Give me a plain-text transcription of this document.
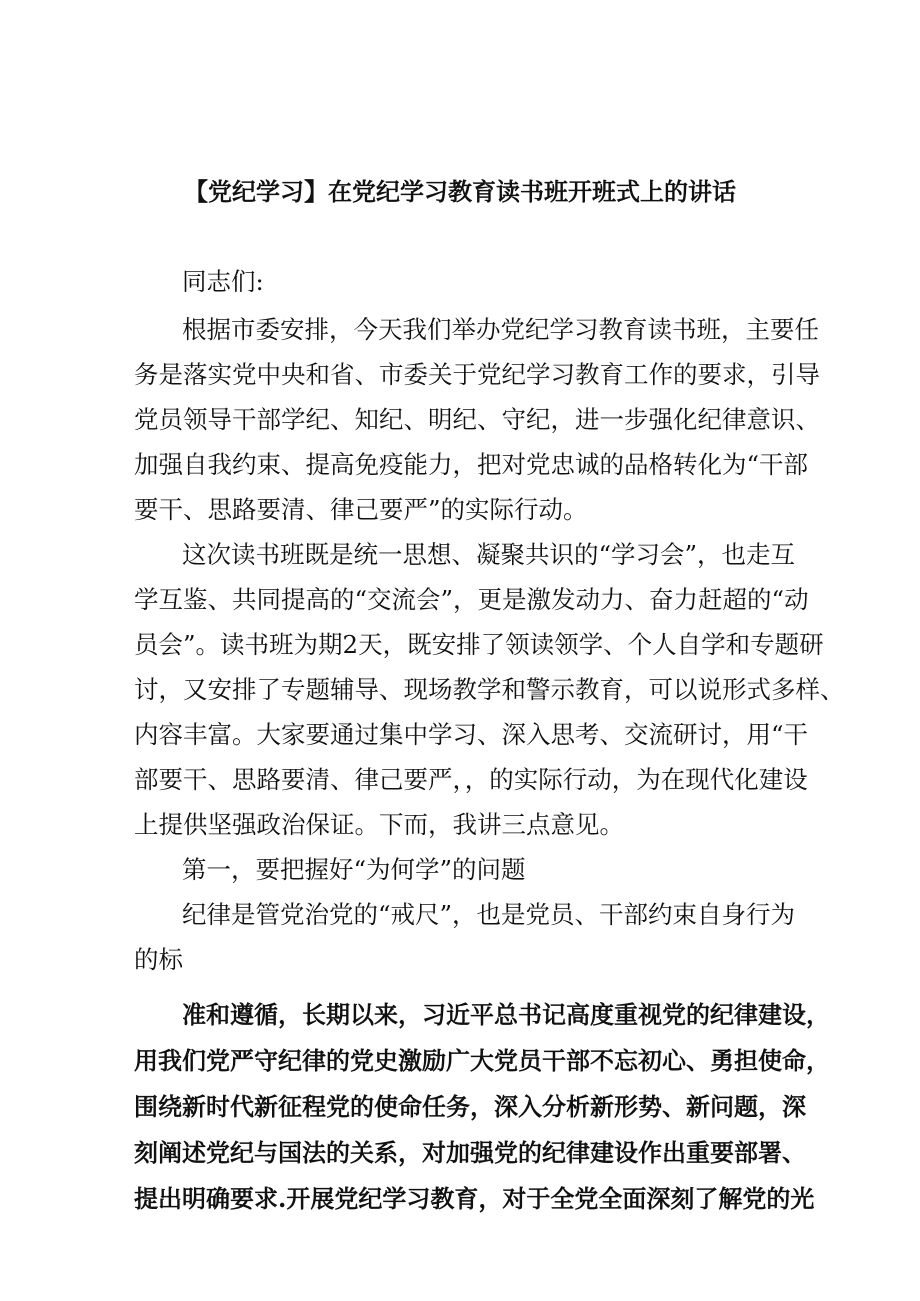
【党纪学习】在党纪学习教育读书班开班式上的讲话
同志们:
根据市委安排，今天我们举办党纪学习教育读书班，主要任
务是落实党中央和省、市委关于党纪学习教育工作的要求，引导
党员领导干部学纪、知纪、明纪、守纪，进一步强化纪律意识、
加强自我约束、提高免疫能力，把对党忠诚的品格转化为“干部
要干、思路要清、律己要严”的实际行动。
这次读书班既是统一思想、凝聚共识的“学习会”，也走互
学互鉴、共同提高的“交流会”，更是激发动力、奋力赶超的“动
员会”。读书班为期2天，既安排了领读领学、个人自学和专题研
讨，又安排了专题辅导、现场教学和警示教育，可以说形式多样、
内容丰富。大家要通过集中学习、深入思考、交流研讨，用“干
部要干、思路要清、律己要严，，的实际行动，为在现代化建设
上提供坚强政治保证。下而，我讲三点意见。
第一，要把握好“为何学”的问题
纪律是管党治党的“戒尺”，也是党员、干部约束自身行为
的标
准和遵循，长期以来，习近平总书记高度重视党的纪律建设，
用我们党严守纪律的党史激励广大党员干部不忘初心、勇担使命，
围绕新时代新征程党的使命任务，深入分析新形势、新问题，深
刻阐述党纪与国法的关系，对加强党的纪律建设作出重要部署、
提出明确要求.开展党纪学习教育，对于全党全面深刻了解党的光
